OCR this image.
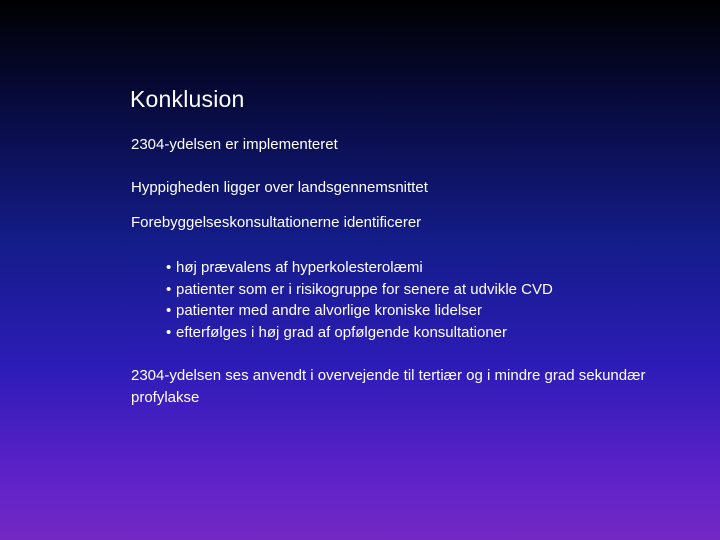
Konklusion
2304-ydelsen er implementeret
Hyppigheden ligger over landsgennemsnittet
Forebyggelseskonsultationerne identificerer
• høj prævalens af hyperkolesterolæmi
• patienter som er i risikogruppe for senere at udvikle CVD
• patienter med andre alvorlige kroniske lidelser
• efterfølges i høj grad af opfølgende konsultationer
2304-ydelsen ses anvendt i overvejende til tertiær og i mindre grad sekundær profylakse
